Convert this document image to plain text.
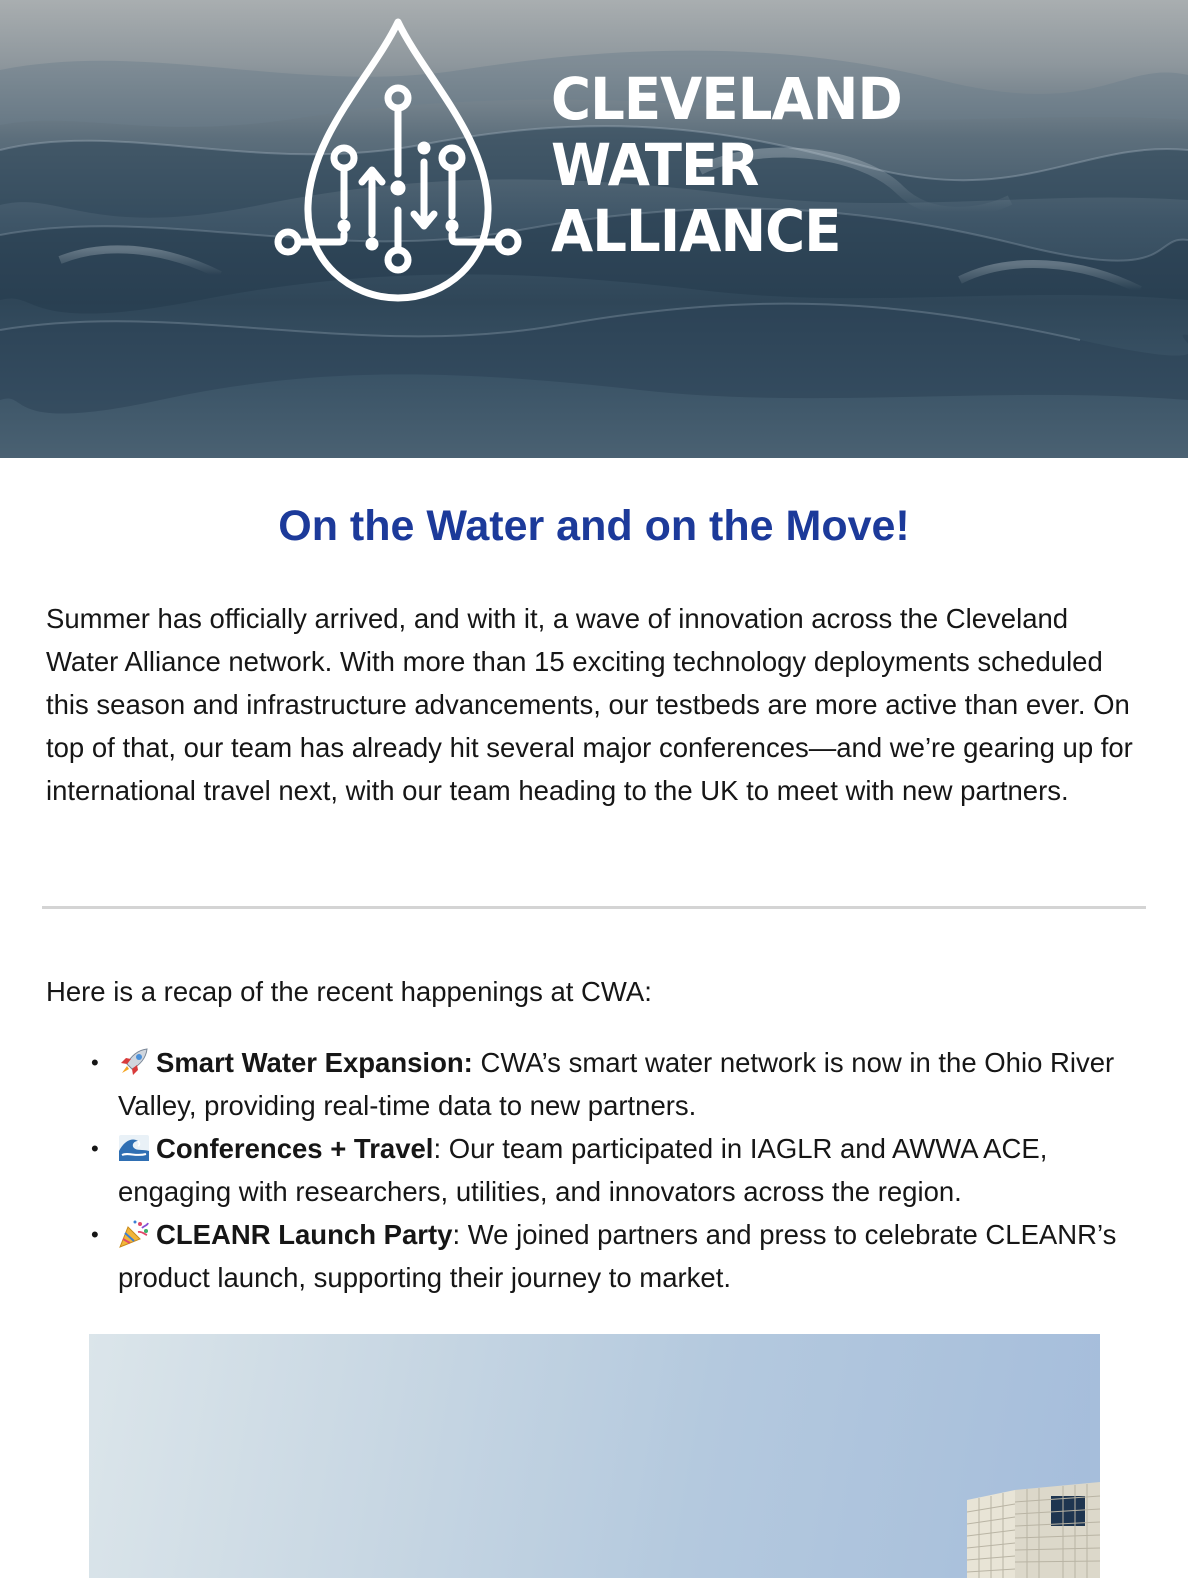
CLEVELAND
WATER
ALLIANCE
On the Water and on the Move!

Summer has officially arrived, and with it, a wave of innovation across the Cleveland Water Alliance network. With more than 15 exciting technology deployments scheduled this season and infrastructure advancements, our testbeds are more active than ever. On top of that, our team has already hit several major conferences—and we’re gearing up for international travel next, with our team heading to the UK to meet with new partners.

Here is a recap of the recent happenings at CWA:

• Smart Water Expansion: CWA’s smart water network is now in the Ohio River Valley, providing real-time data to new partners.
• Conferences + Travel: Our team participated in IAGLR and AWWA ACE, engaging with researchers, utilities, and innovators across the region.
• CLEANR Launch Party: We joined partners and press to celebrate CLEANR’s product launch, supporting their journey to market.
